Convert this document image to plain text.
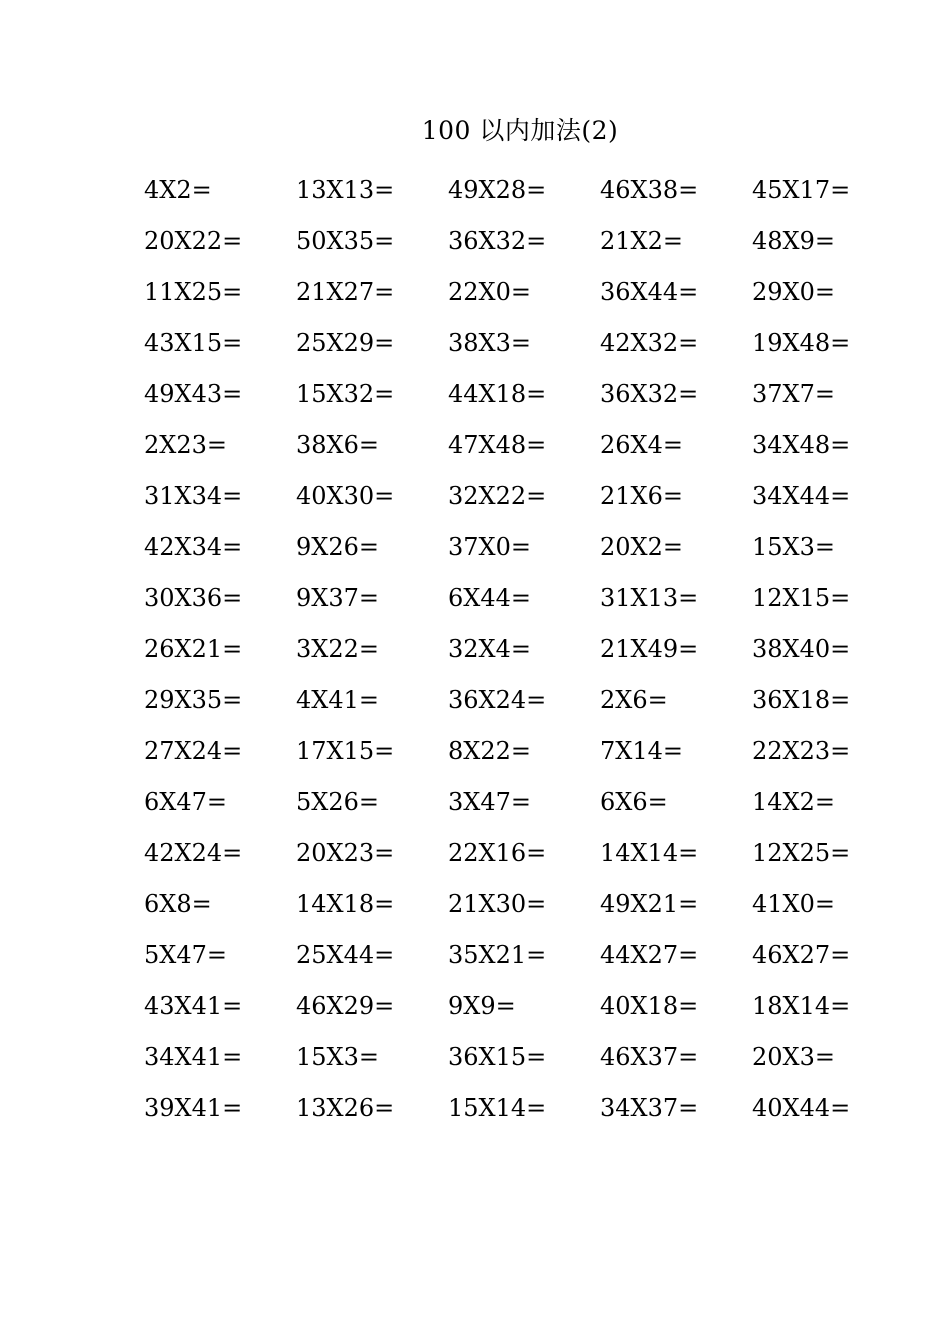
100 以内加法(2)
4X2=	13X13=	49X28=	46X38=	45X17=
20X22=	50X35=	36X32=	21X2=	48X9=
11X25=	21X27=	22X0=	36X44=	29X0=
43X15=	25X29=	38X3=	42X32=	19X48=
49X43=	15X32=	44X18=	36X32=	37X7=
2X23=	38X6=	47X48=	26X4=	34X48=
31X34=	40X30=	32X22=	21X6=	34X44=
42X34=	9X26=	37X0=	20X2=	15X3=
30X36=	9X37=	6X44=	31X13=	12X15=
26X21=	3X22=	32X4=	21X49=	38X40=
29X35=	4X41=	36X24=	2X6=	36X18=
27X24=	17X15=	8X22=	7X14=	22X23=
6X47=	5X26=	3X47=	6X6=	14X2=
42X24=	20X23=	22X16=	14X14=	12X25=
6X8=	14X18=	21X30=	49X21=	41X0=
5X47=	25X44=	35X21=	44X27=	46X27=
43X41=	46X29=	9X9=	40X18=	18X14=
34X41=	15X3=	36X15=	46X37=	20X3=
39X41=	13X26=	15X14=	34X37=	40X44=
